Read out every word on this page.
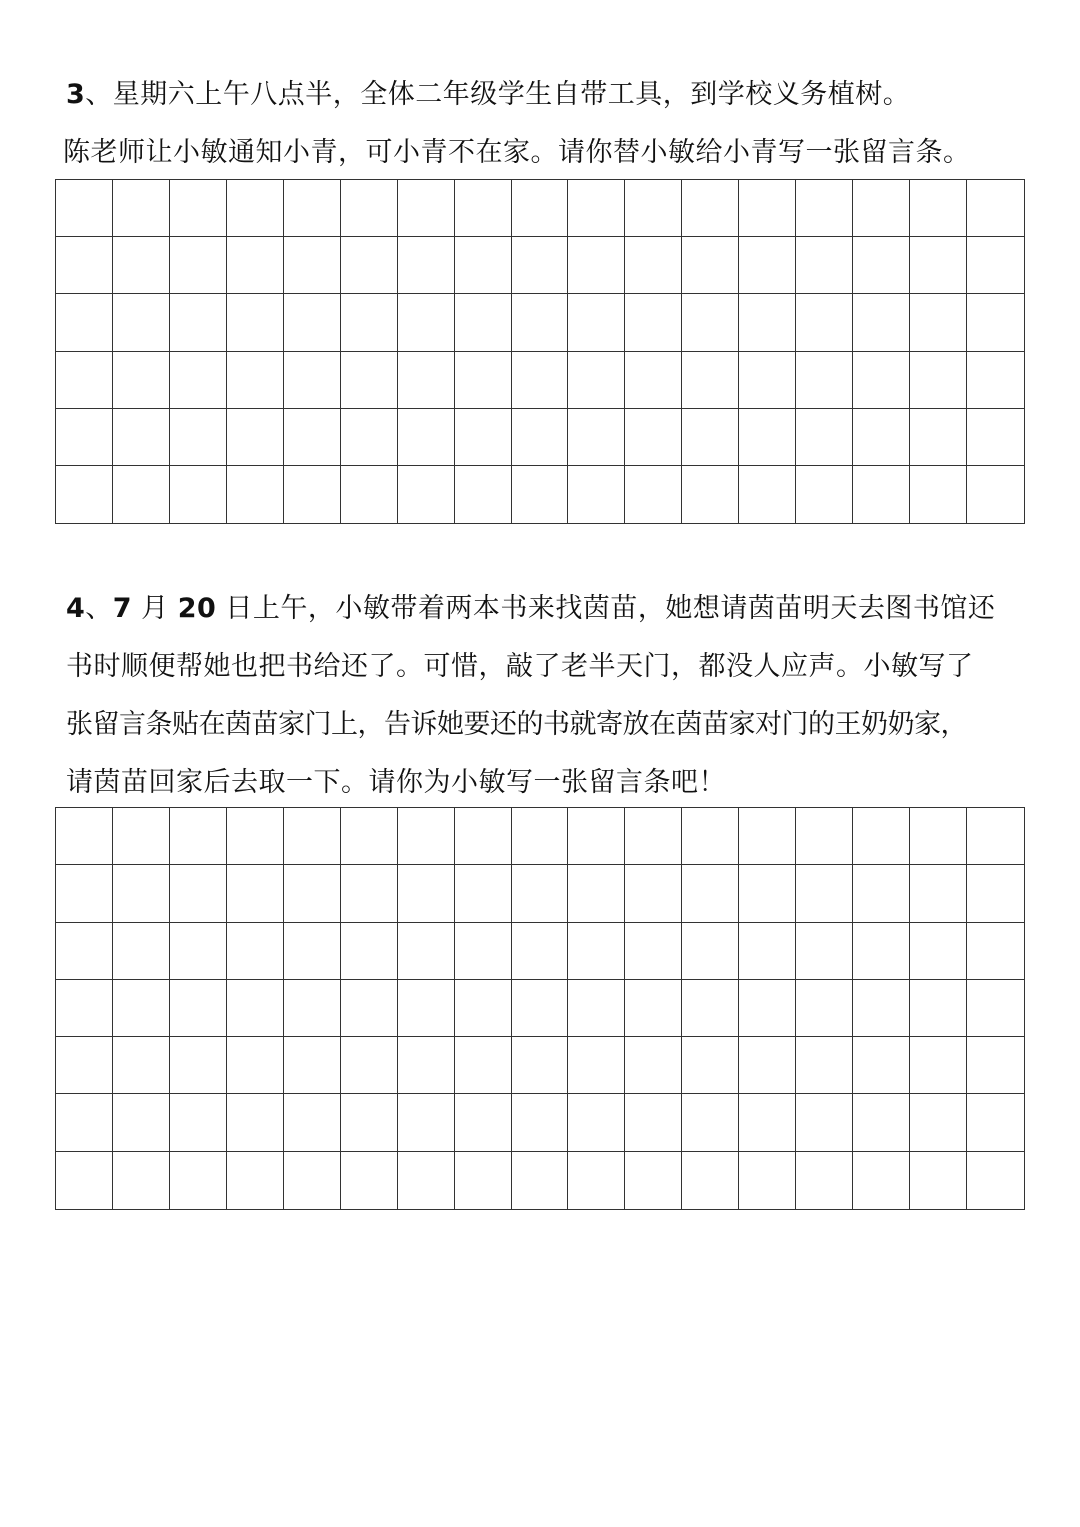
3、星期六上午八点半，全体二年级学生自带工具，到学校义务植树。
陈老师让小敏通知小青，可小青不在家。请你替小敏给小青写一张留言条。
4、7 月 20 日上午，小敏带着两本书来找茵苗，她想请茵苗明天去图书馆还
书时顺便帮她也把书给还了。可惜，敲了老半天门，都没人应声。小敏写了
张留言条贴在茵苗家门上，告诉她要还的书就寄放在茵苗家对门的王奶奶家，
请茵苗回家后去取一下。请你为小敏写一张留言条吧！
